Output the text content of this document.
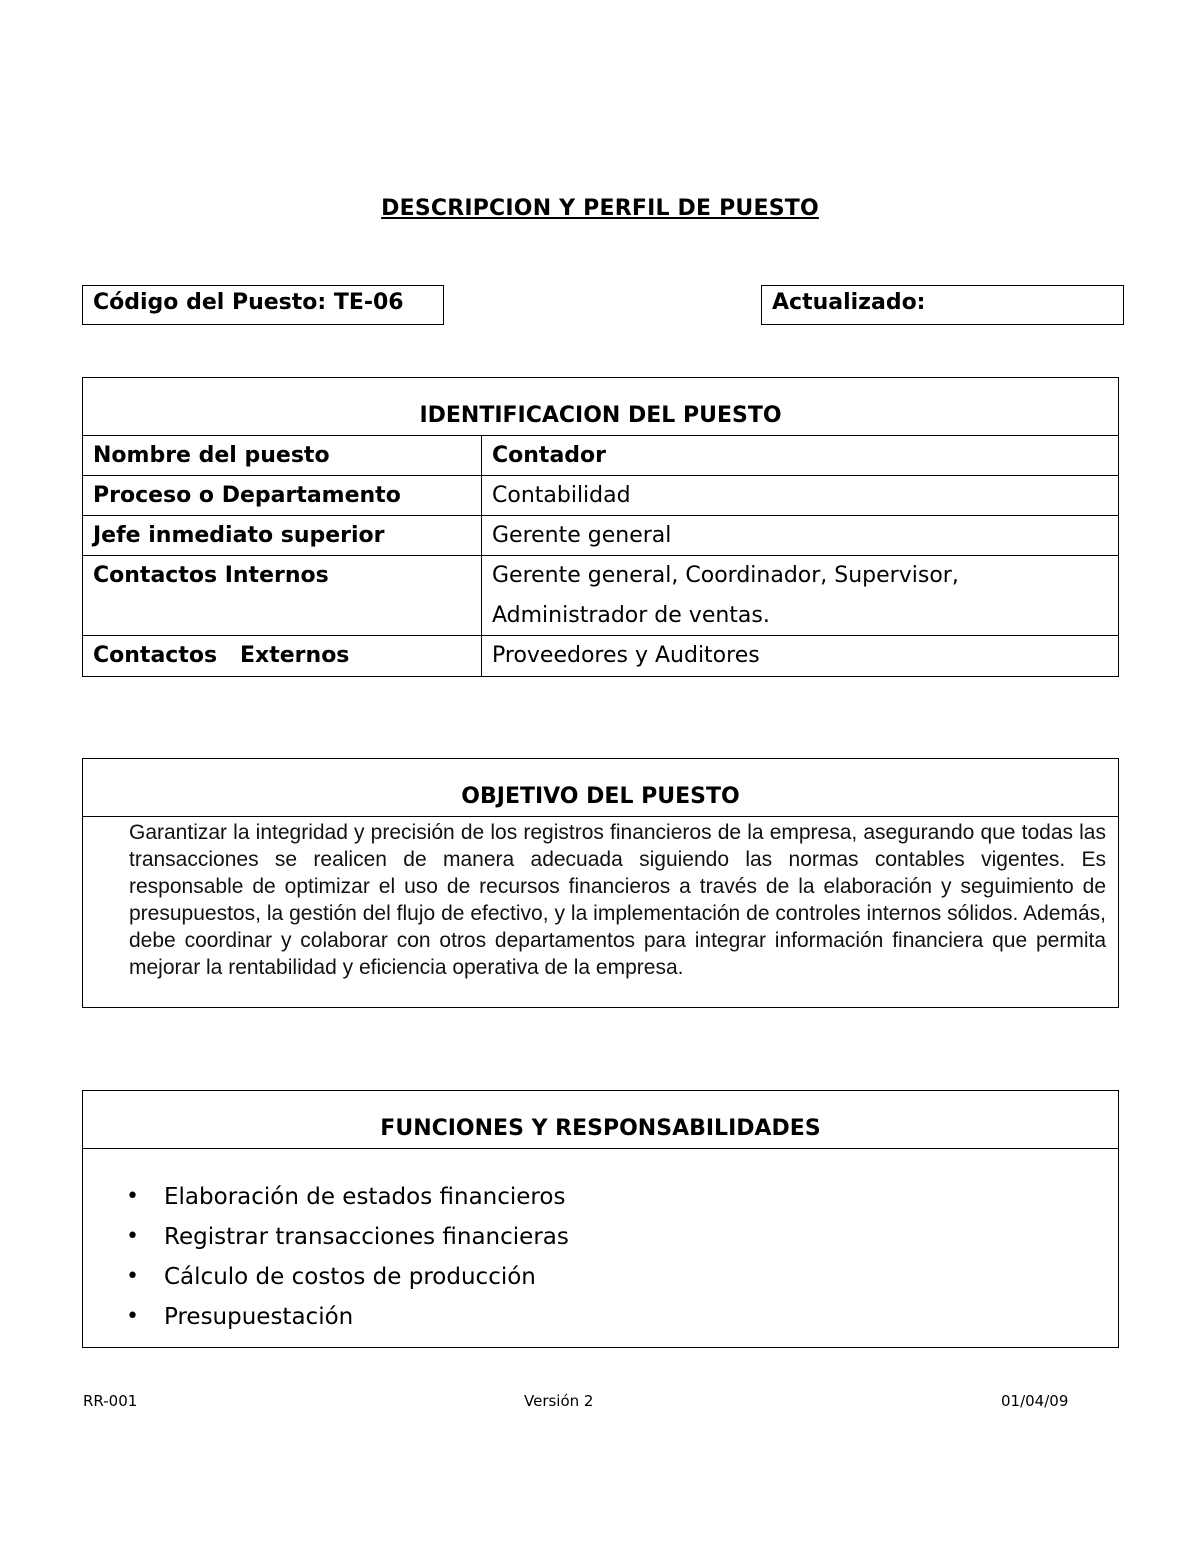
DESCRIPCION Y PERFIL DE PUESTO
Código del Puesto: TE-06	Actualizado:
IDENTIFICACION DEL PUESTO
Nombre del puesto	Contador
Proceso o Departamento	Contabilidad
Jefe inmediato superior	Gerente general
Contactos Internos	Gerente general, Coordinador, Supervisor,
Administrador de ventas.
Contactos   Externos	Proveedores y Auditores
OBJETIVO DEL PUESTO
Garantizar la integridad y precisión de los registros financieros de la empresa, asegurando que todas las transacciones se realicen de manera adecuada siguiendo las normas contables vigentes. Es responsable de optimizar el uso de recursos financieros a través de la elaboración y seguimiento de presupuestos, la gestión del flujo de efectivo, y la implementación de controles internos sólidos. Además, debe coordinar y colaborar con otros departamentos para integrar información financiera que permita mejorar la rentabilidad y eficiencia operativa de la empresa.
FUNCIONES Y RESPONSABILIDADES
• Elaboración de estados financieros
• Registrar transacciones financieras
• Cálculo de costos de producción
• Presupuestación
RR-001	Versión 2	01/04/09
